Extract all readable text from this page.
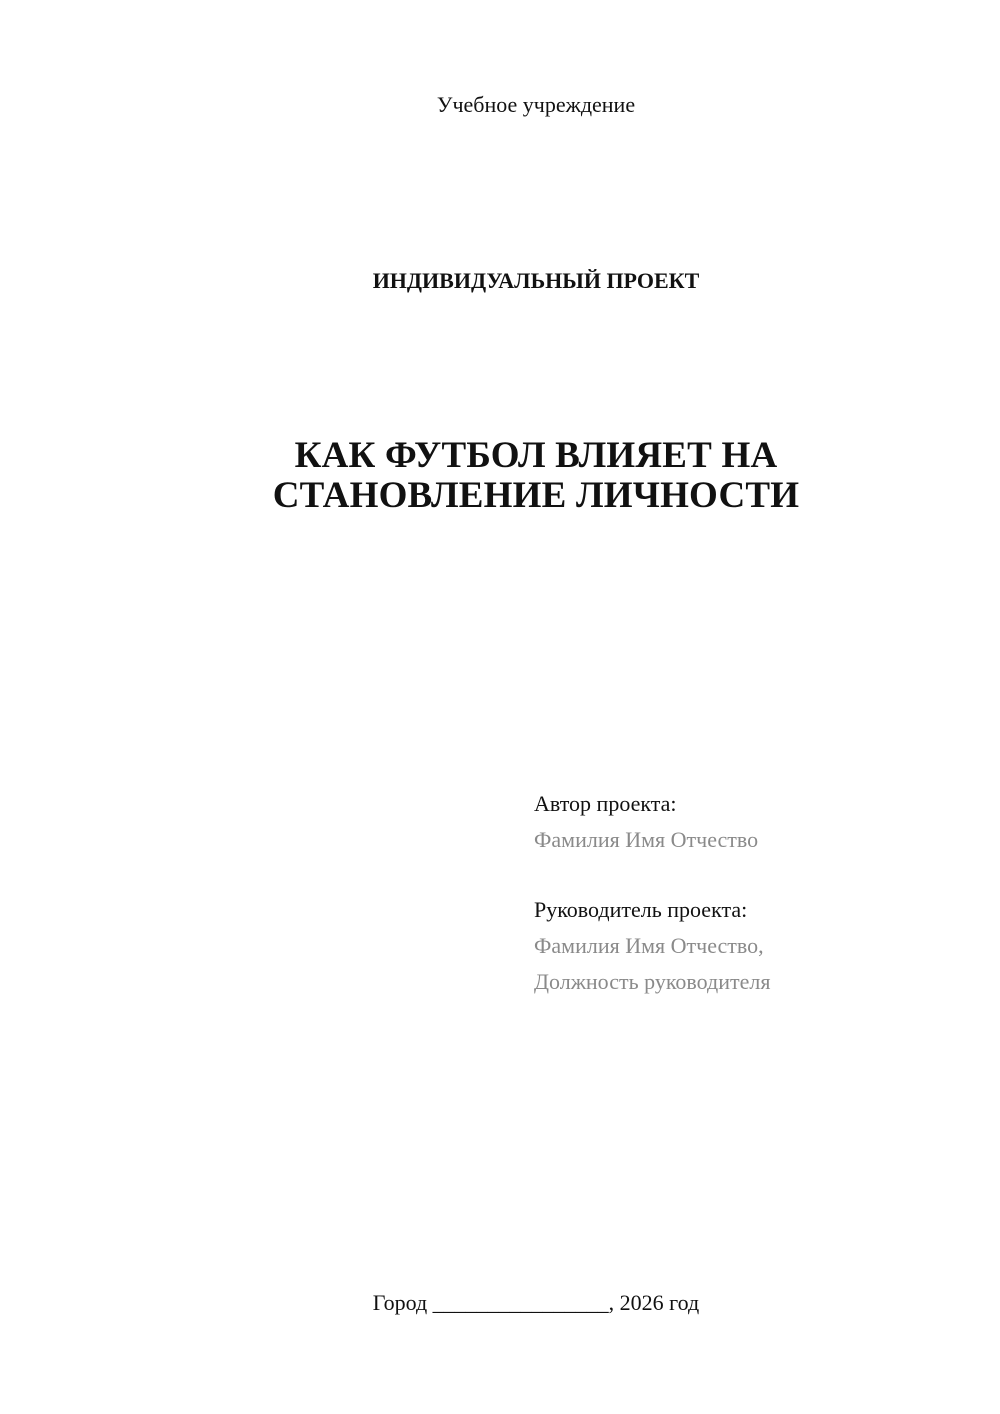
Учебное учреждение
ИНДИВИДУАЛЬНЫЙ ПРОЕКТ
КАК ФУТБОЛ ВЛИЯЕТ НА
СТАНОВЛЕНИЕ ЛИЧНОСТИ
Автор проекта:
Фамилия Имя Отчество
Руководитель проекта:
Фамилия Имя Отчество,
Должность руководителя
Город ________________, 2026 год
